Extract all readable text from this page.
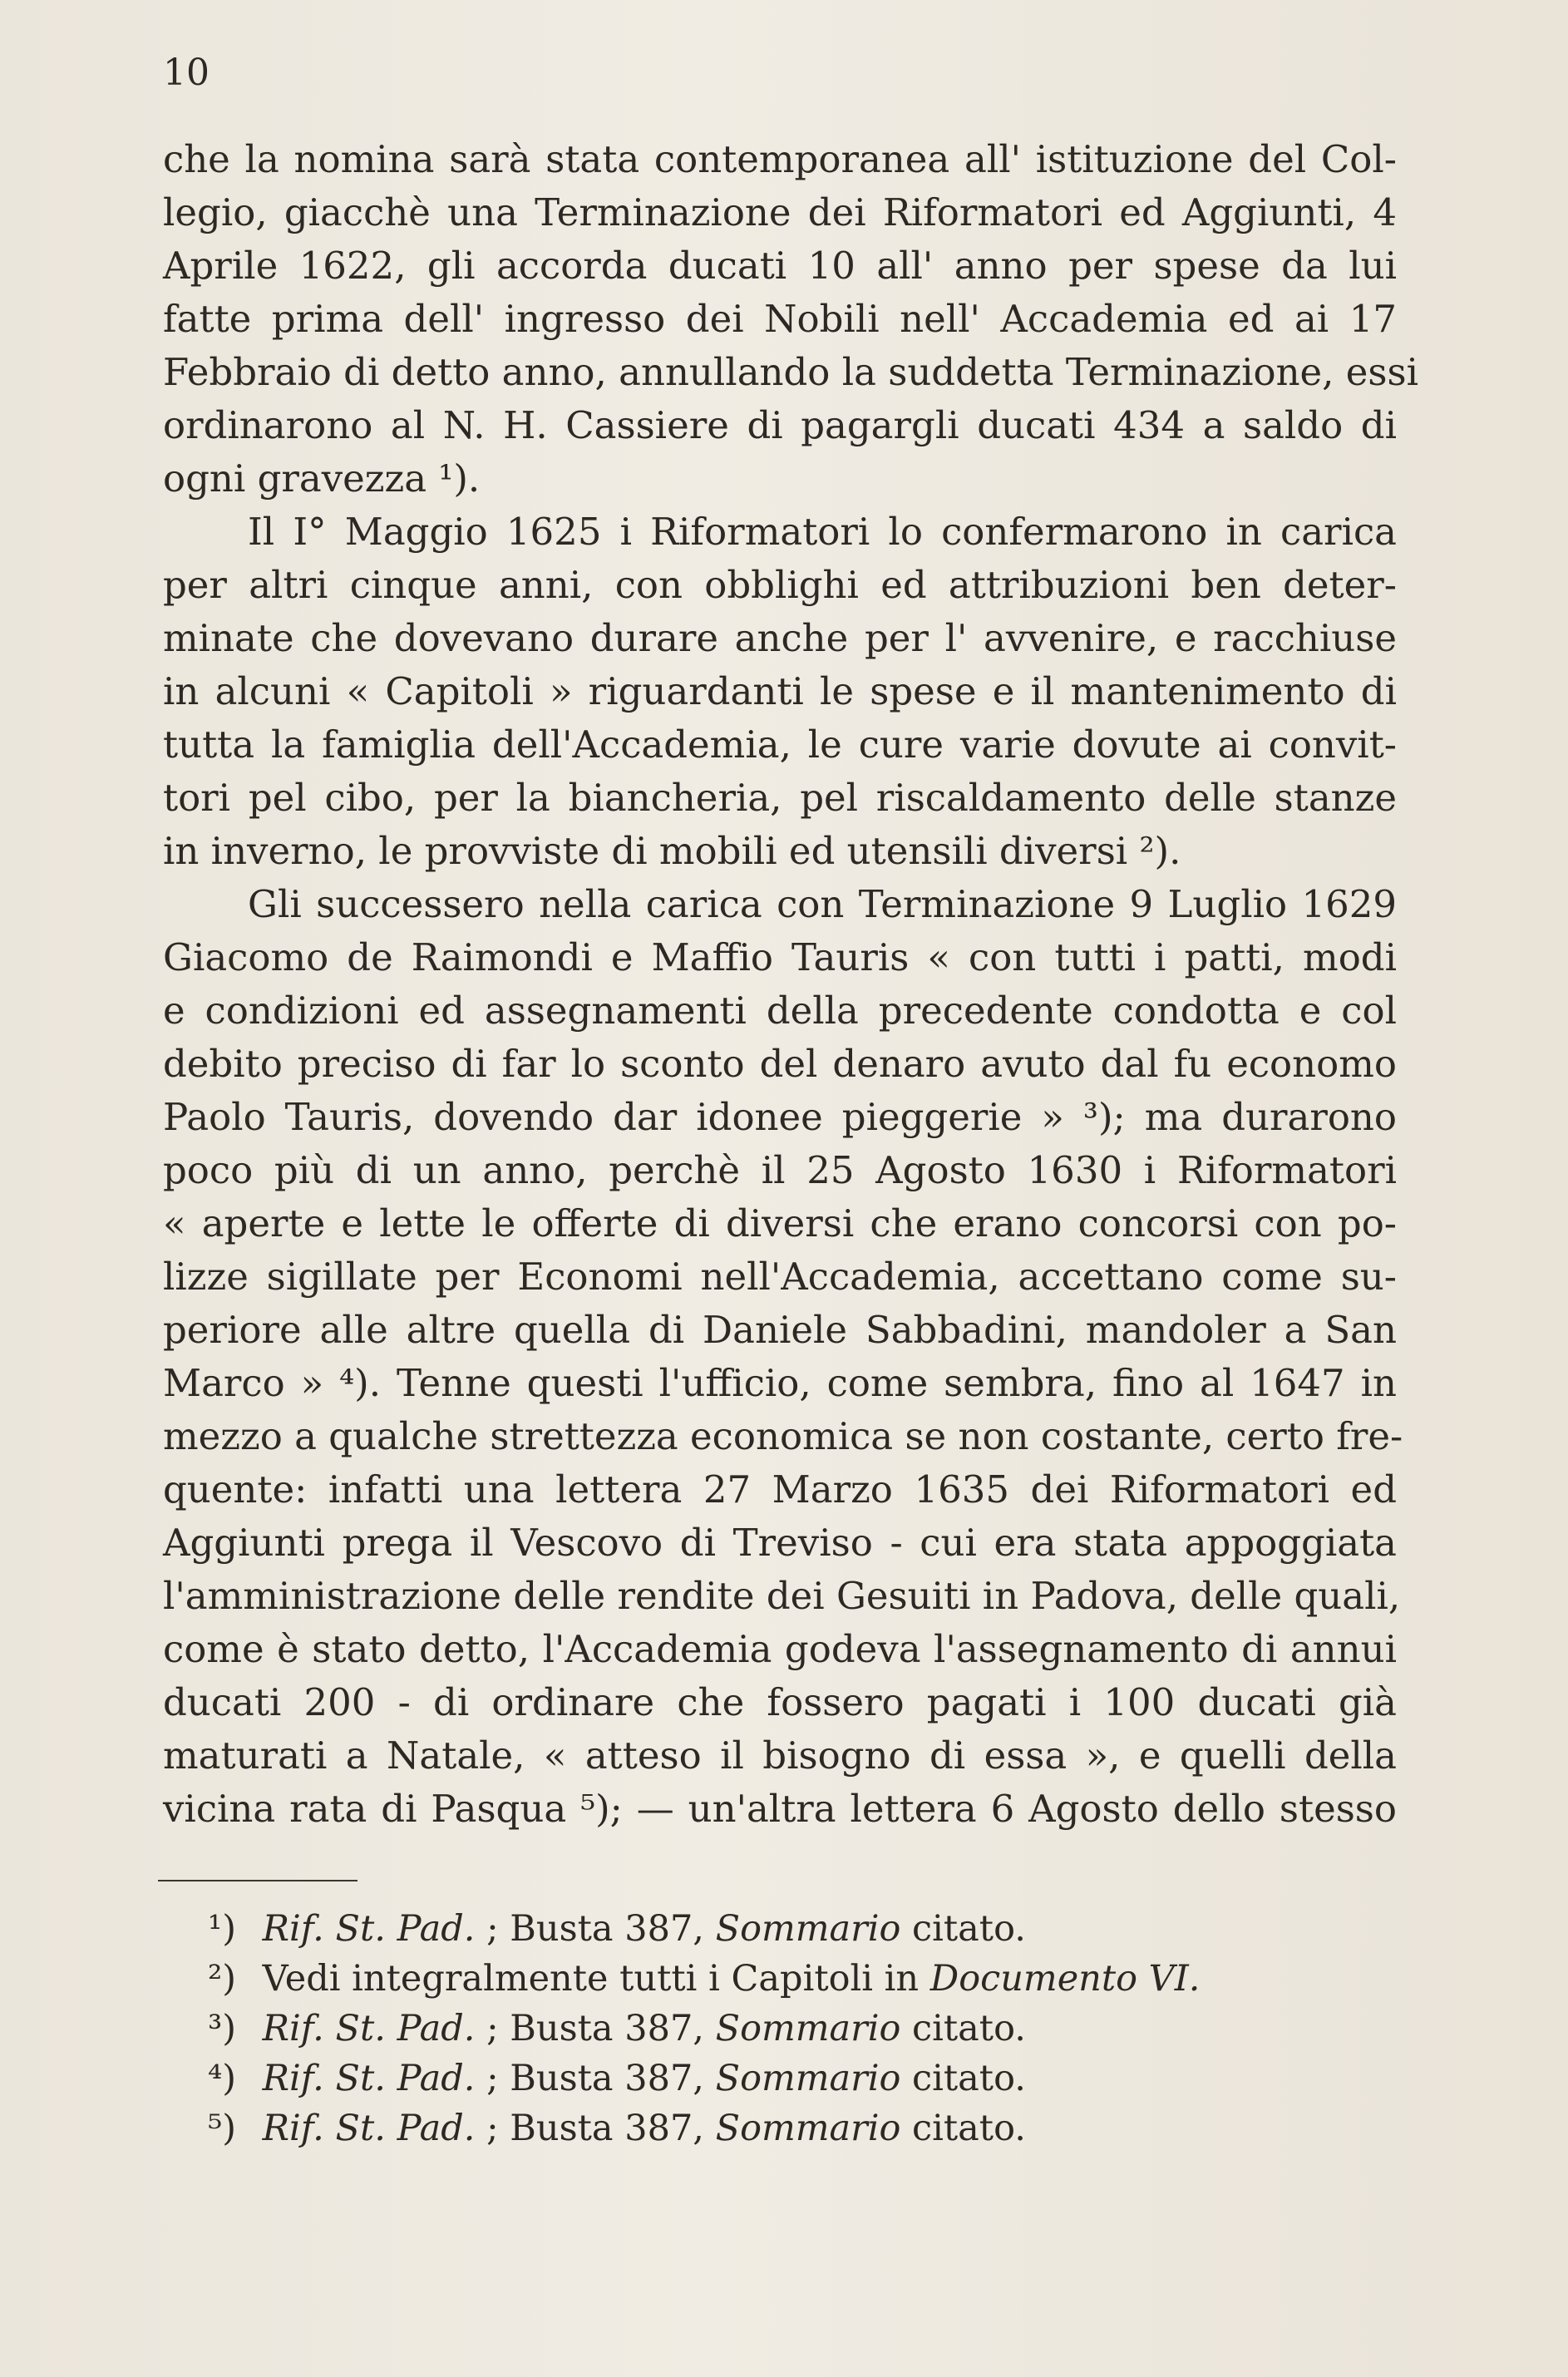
10
che la nomina sarà stata contemporanea all' istituzione del Col-
legio, giacchè una Terminazione dei Riformatori ed Aggiunti, 4
Aprile 1622, gli accorda ducati 10 all' anno per spese da lui
fatte prima dell' ingresso dei Nobili nell' Accademia ed ai 17
Febbraio di detto anno, annullando la suddetta Terminazione, essi
ordinarono al N. H. Cassiere di pagargli ducati 434 a saldo di
ogni gravezza ¹).
Il I° Maggio 1625 i Riformatori lo confermarono in carica
per altri cinque anni, con obblighi ed attribuzioni ben deter-
minate che dovevano durare anche per l' avvenire, e racchiuse
in alcuni « Capitoli » riguardanti le spese e il mantenimento di
tutta la famiglia dell'Accademia, le cure varie dovute ai convit-
tori pel cibo, per la biancheria, pel riscaldamento delle stanze
in inverno, le provviste di mobili ed utensili diversi ²).
Gli successero nella carica con Terminazione 9 Luglio 1629
Giacomo de Raimondi e Maffio Tauris « con tutti i patti, modi
e condizioni ed assegnamenti della precedente condotta e col
debito preciso di far lo sconto del denaro avuto dal fu economo
Paolo Tauris, dovendo dar idonee pieggerie » ³); ma durarono
poco più di un anno, perchè il 25 Agosto 1630 i Riformatori
« aperte e lette le offerte di diversi che erano concorsi con po-
lizze sigillate per Economi nell'Accademia, accettano come su-
periore alle altre quella di Daniele Sabbadini, mandoler a San
Marco » ⁴). Tenne questi l'ufficio, come sembra, fino al 1647 in
mezzo a qualche strettezza economica se non costante, certo fre-
quente: infatti una lettera 27 Marzo 1635 dei Riformatori ed
Aggiunti prega il Vescovo di Treviso - cui era stata appoggiata
l'amministrazione delle rendite dei Gesuiti in Padova, delle quali,
come è stato detto, l'Accademia godeva l'assegnamento di annui
ducati 200 - di ordinare che fossero pagati i 100 ducati già
maturati a Natale, « atteso il bisogno di essa », e quelli della
vicina rata di Pasqua ⁵); — un'altra lettera 6 Agosto dello stesso
¹) Rif. St. Pad. ; Busta 387, Sommario citato.
²) Vedi integralmente tutti i Capitoli in Documento VI.
³) Rif. St. Pad. ; Busta 387, Sommario citato.
⁴) Rif. St. Pad. ; Busta 387, Sommario citato.
⁵) Rif. St. Pad. ; Busta 387, Sommario citato.
